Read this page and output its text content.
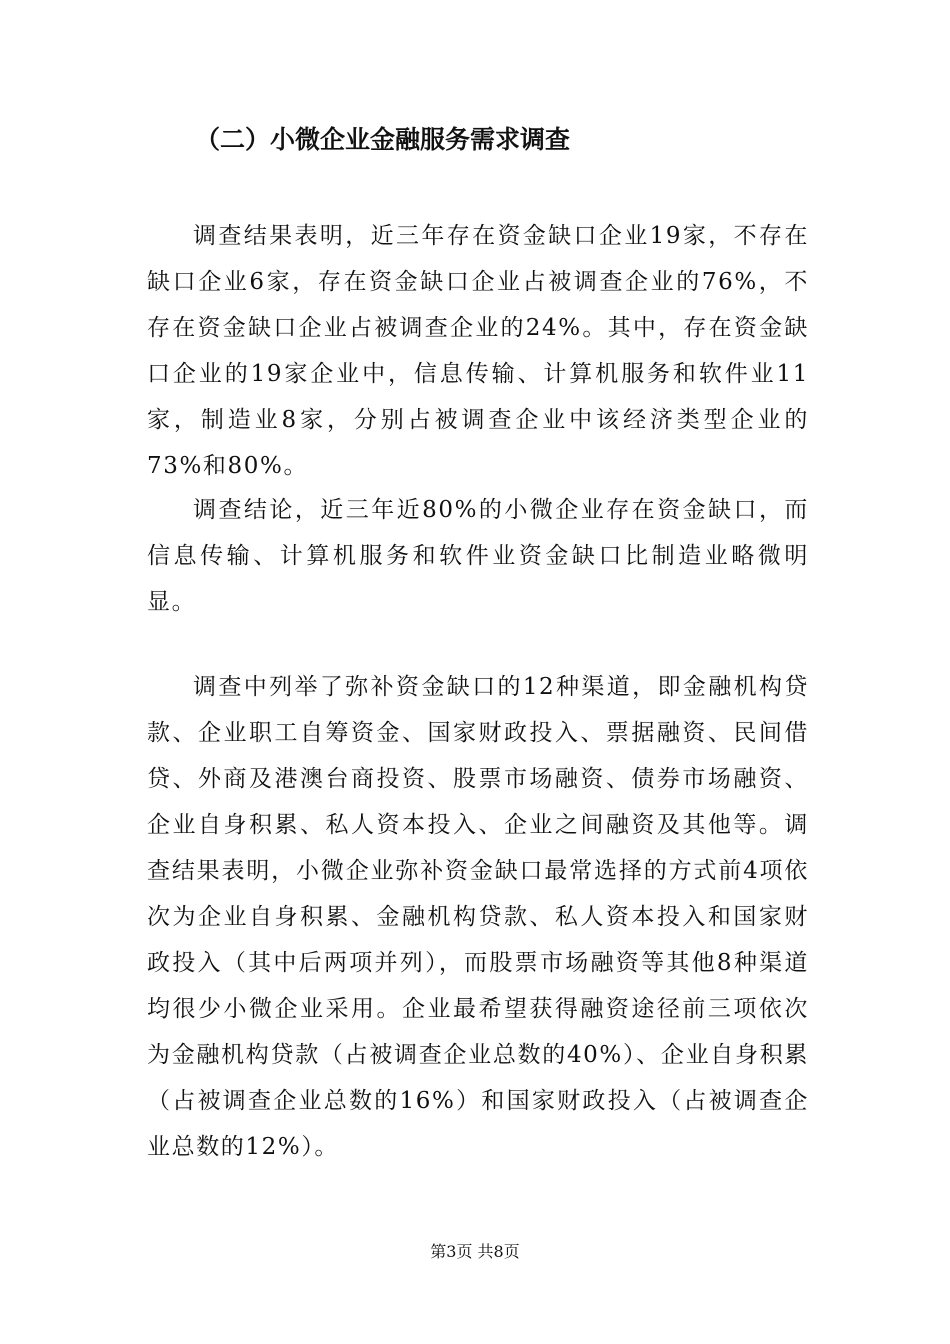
（二）小微企业金融服务需求调查

调查结果表明，近三年存在资金缺口企业19家，不存在缺口企业6家，存在资金缺口企业占被调查企业的76%，不存在资金缺口企业占被调查企业的24%。其中，存在资金缺口企业的19家企业中，信息传输、计算机服务和软件业11家，制造业8家，分别占被调查企业中该经济类型企业的73%和80%。

调查结论，近三年近80%的小微企业存在资金缺口，而信息传输、计算机服务和软件业资金缺口比制造业略微明显。

调查中列举了弥补资金缺口的12种渠道，即金融机构贷款、企业职工自筹资金、国家财政投入、票据融资、民间借贷、外商及港澳台商投资、股票市场融资、债券市场融资、企业自身积累、私人资本投入、企业之间融资及其他等。调查结果表明，小微企业弥补资金缺口最常选择的方式前4项依次为企业自身积累、金融机构贷款、私人资本投入和国家财政投入（其中后两项并列），而股票市场融资等其他8种渠道均很少小微企业采用。企业最希望获得融资途径前三项依次为金融机构贷款（占被调查企业总数的40%）、企业自身积累（占被调查企业总数的16%）和国家财政投入（占被调查企业总数的12%）。

第3页 共8页
